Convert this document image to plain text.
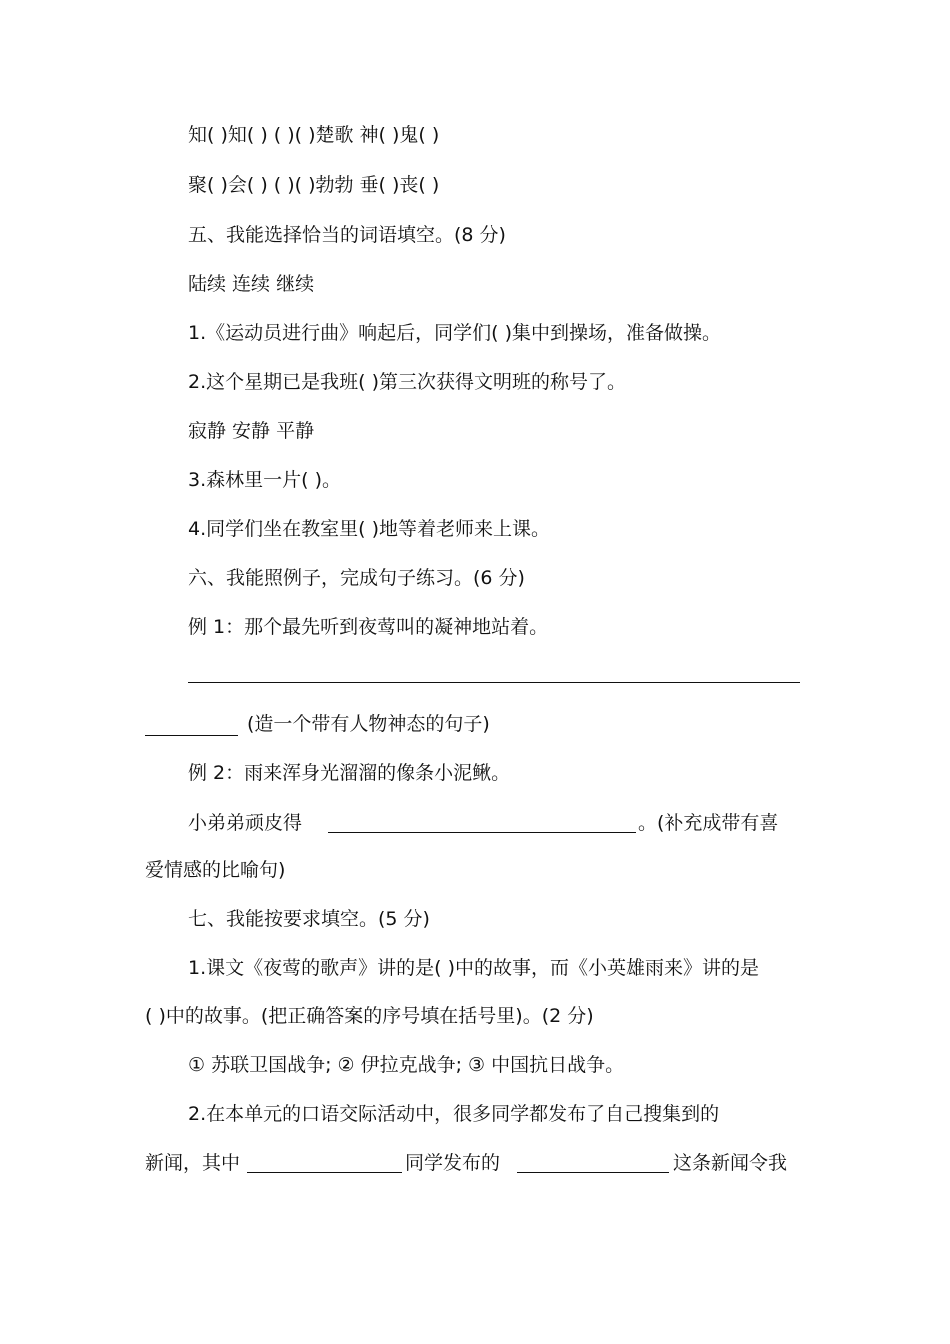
知( )知( ) ( )( )楚歌 神( )鬼( )
聚( )会( ) ( )( )勃勃 垂( )丧( )
五、我能选择恰当的词语填空。(8 分)
陆续 连续 继续
1.《运动员进行曲》响起后，同学们( )集中到操场，准备做操。
2.这个星期已是我班( )第三次获得文明班的称号了。
寂静 安静 平静
3.森林里一片( )。
4.同学们坐在教室里( )地等着老师来上课。
六、我能照例子，完成句子练习。(6 分)
例 1：那个最先听到夜莺叫的凝神地站着。
(造一个带有人物神态的句子)
例 2：雨来浑身光溜溜的像条小泥鳅。
小弟弟顽皮得	。(补充成带有喜
爱情感的比喻句)
七、我能按要求填空。(5 分)
1.课文《夜莺的歌声》讲的是( )中的故事，而《小英雄雨来》讲的是
( )中的故事。(把正确答案的序号填在括号里)。(2 分)
① 苏联卫国战争; ② 伊拉克战争; ③ 中国抗日战争。
2.在本单元的口语交际活动中，很多同学都发布了自己搜集到的
新闻，其中	同学发布的	这条新闻令我
